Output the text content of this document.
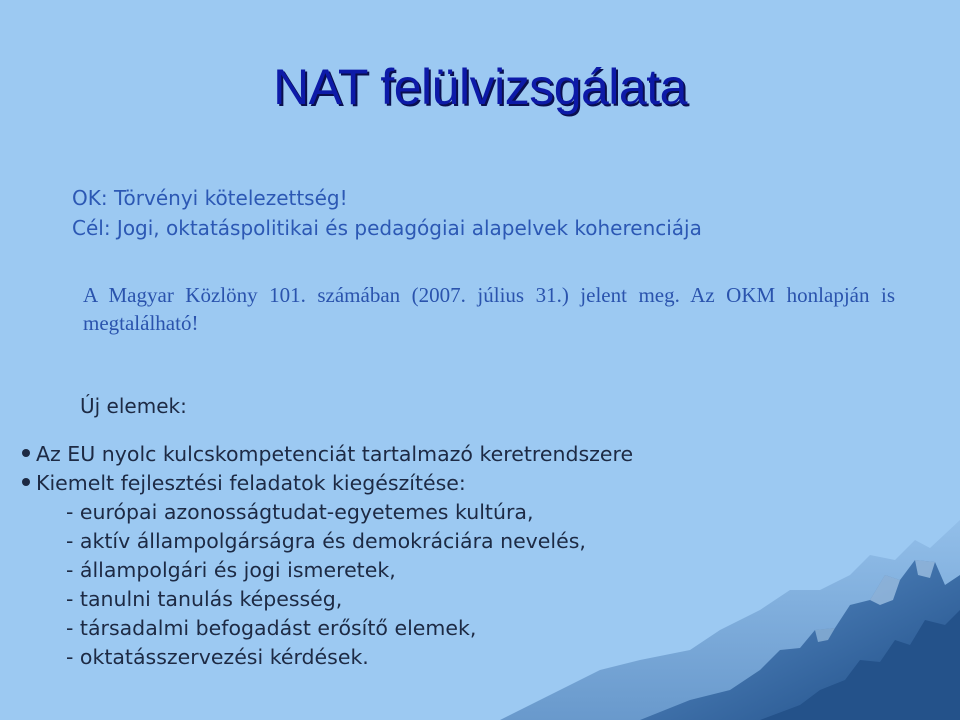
NAT felülvizsgálata
OK: Törvényi kötelezettség!
Cél: Jogi, oktatáspolitikai és pedagógiai alapelvek koherenciája
A Magyar Közlöny 101. számában (2007. július 31.) jelent meg. Az OKM honlapján is megtalálható!
Új elemek:
Az EU nyolc kulcskompetenciát tartalmazó keretrendszere
Kiemelt fejlesztési feladatok kiegészítése:
- európai azonosságtudat-egyetemes kultúra,
- aktív állampolgárságra és demokráciára nevelés,
- állampolgári és jogi ismeretek,
- tanulni tanulás képesség,
- társadalmi befogadást erősítő elemek,
- oktatásszervezési kérdések.
